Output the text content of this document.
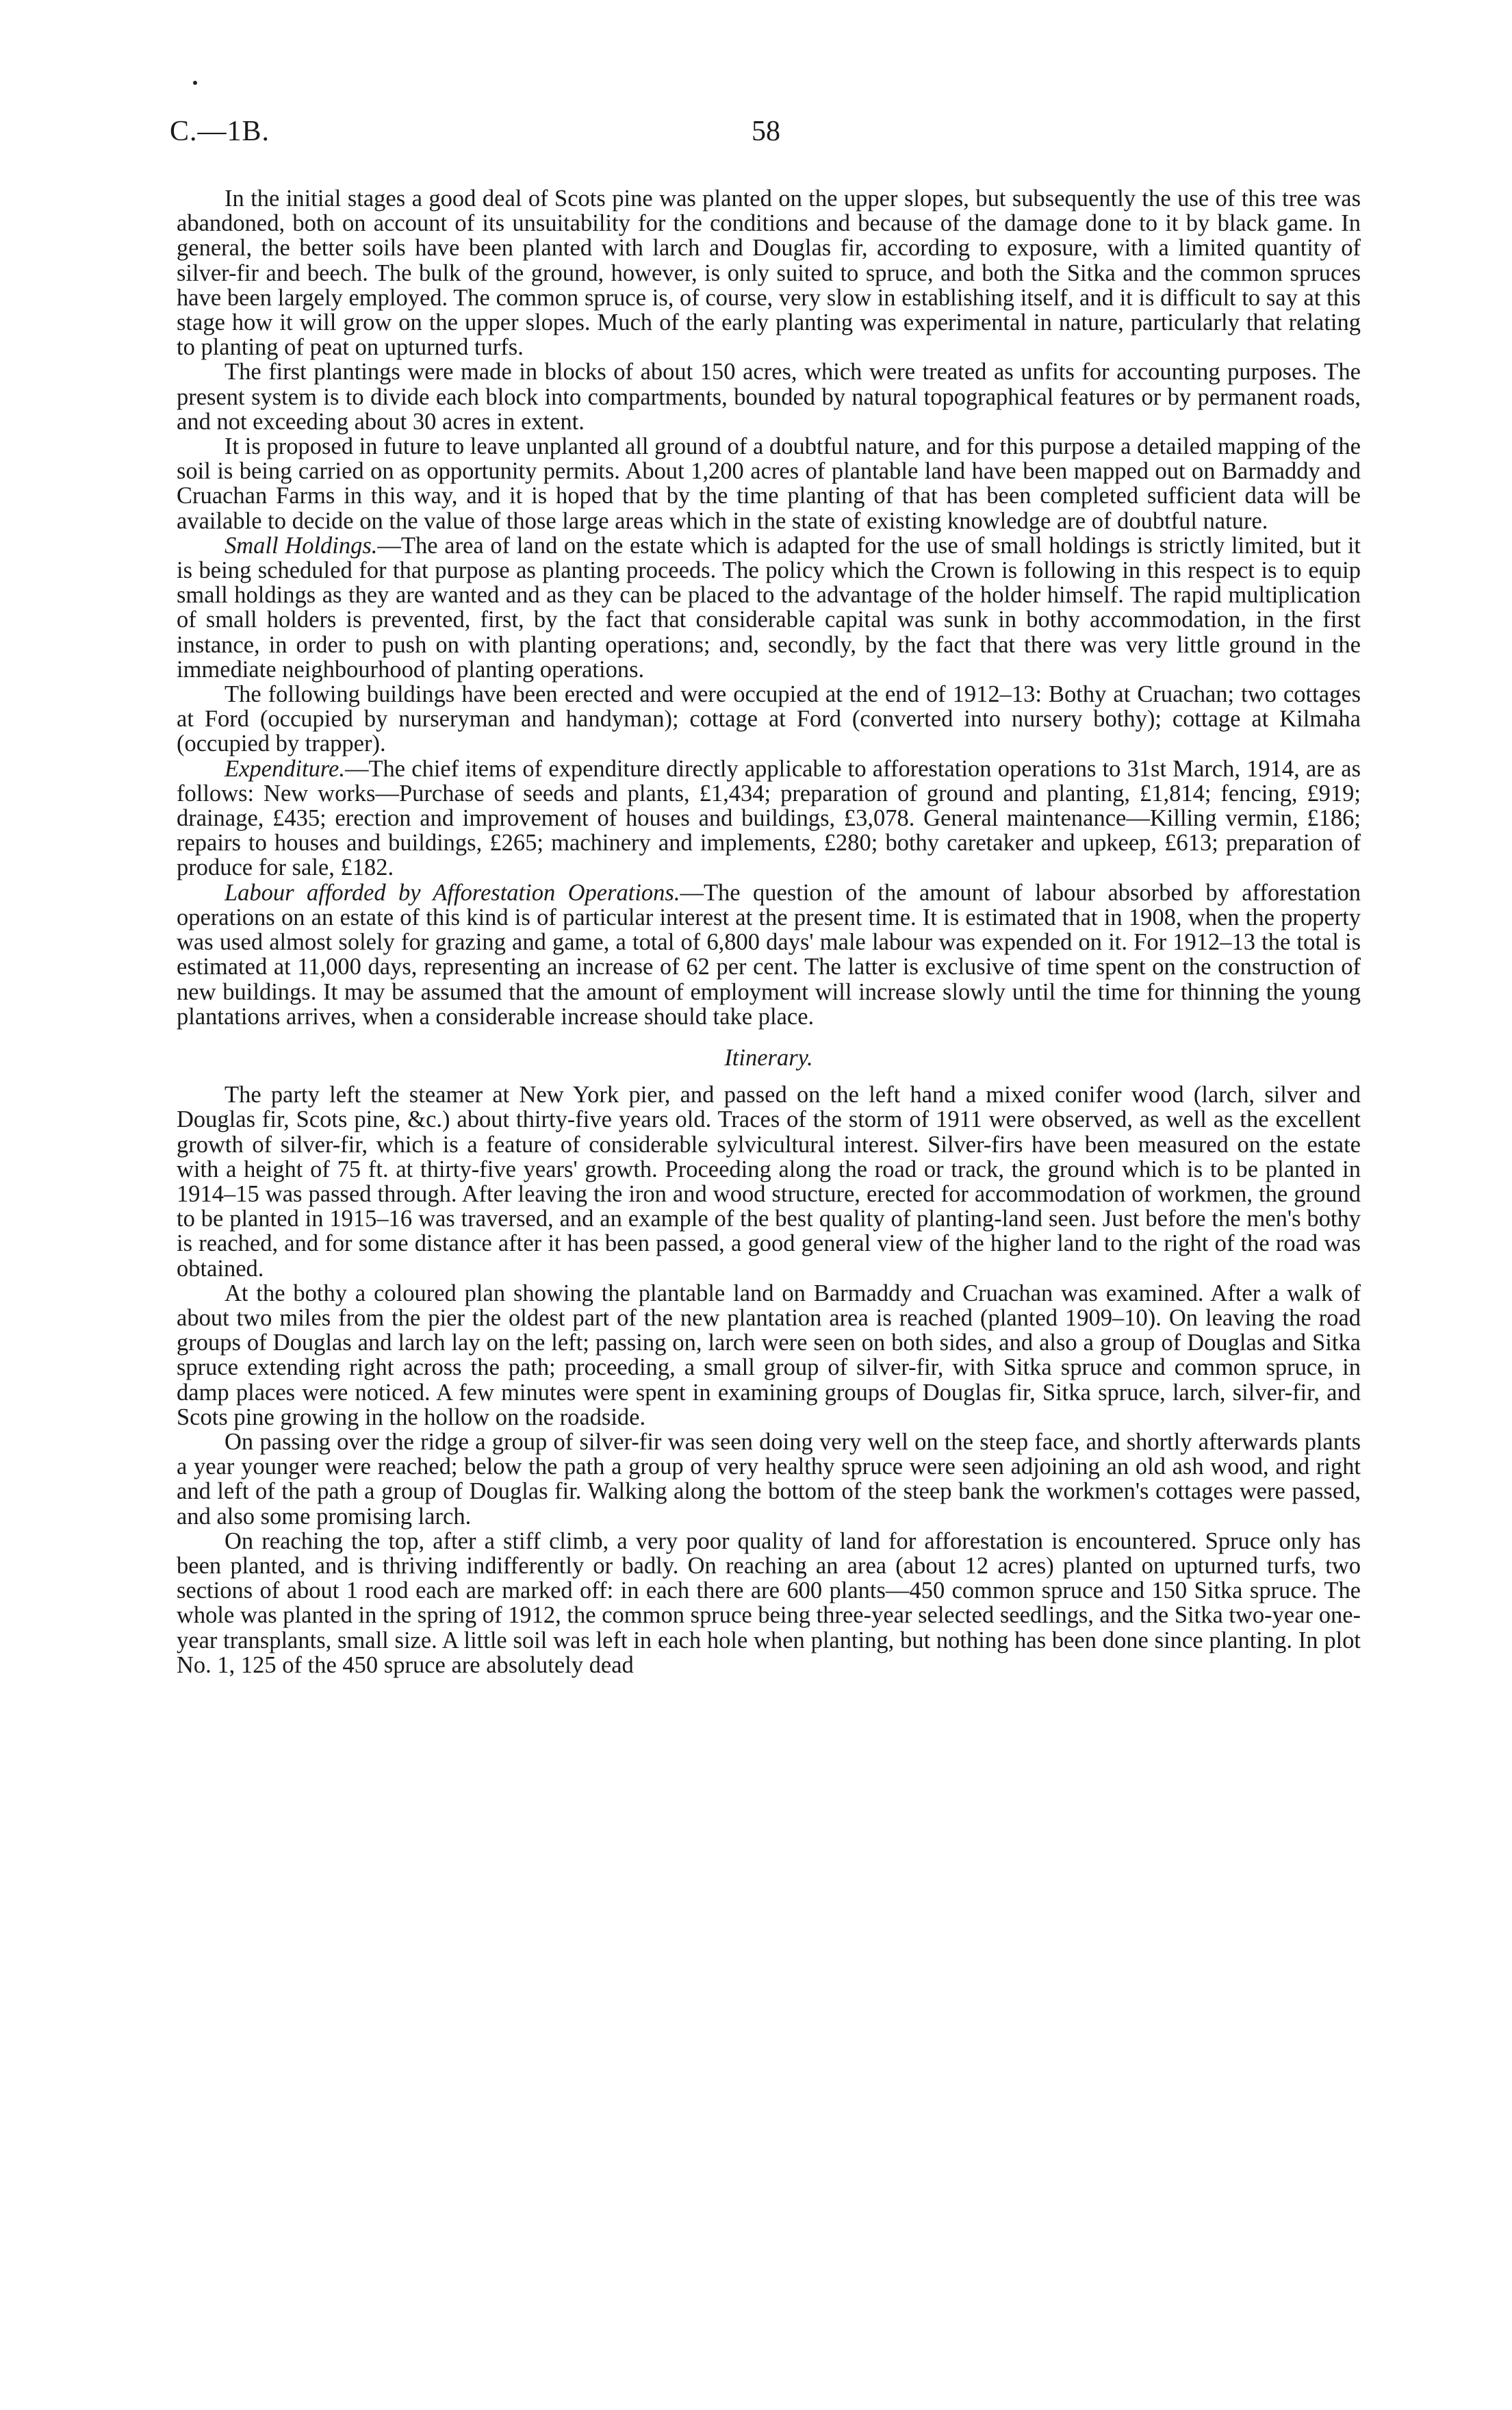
C.—1B.	58

In the initial stages a good deal of Scots pine was planted on the upper slopes, but subsequently the use of this tree was abandoned, both on account of its unsuitability for the conditions and because of the damage done to it by black game. In general, the better soils have been planted with larch and Douglas fir, according to exposure, with a limited quantity of silver-fir and beech. The bulk of the ground, however, is only suited to spruce, and both the Sitka and the common spruces have been largely employed. The common spruce is, of course, very slow in establishing itself, and it is difficult to say at this stage how it will grow on the upper slopes. Much of the early planting was experimental in nature, particularly that relating to planting of peat on upturned turfs.

The first plantings were made in blocks of about 150 acres, which were treated as unfits for accounting purposes. The present system is to divide each block into compartments, bounded by natural topographical features or by permanent roads, and not exceeding about 30 acres in extent.

It is proposed in future to leave unplanted all ground of a doubtful nature, and for this purpose a detailed mapping of the soil is being carried on as opportunity permits. About 1,200 acres of plantable land have been mapped out on Barmaddy and Cruachan Farms in this way, and it is hoped that by the time planting of that has been completed sufficient data will be available to decide on the value of those large areas which in the state of existing knowledge are of doubtful nature.

Small Holdings.—The area of land on the estate which is adapted for the use of small holdings is strictly limited, but it is being scheduled for that purpose as planting proceeds. The policy which the Crown is following in this respect is to equip small holdings as they are wanted and as they can be placed to the advantage of the holder himself. The rapid multiplication of small holders is prevented, first, by the fact that considerable capital was sunk in bothy accommodation, in the first instance, in order to push on with planting operations; and, secondly, by the fact that there was very little ground in the immediate neighbourhood of planting operations.

The following buildings have been erected and were occupied at the end of 1912–13: Bothy at Cruachan; two cottages at Ford (occupied by nurseryman and handyman); cottage at Ford (converted into nursery bothy); cottage at Kilmaha (occupied by trapper).

Expenditure.—The chief items of expenditure directly applicable to afforestation operations to 31st March, 1914, are as follows: New works—Purchase of seeds and plants, £1,434; preparation of ground and planting, £1,814; fencing, £919; drainage, £435; erection and improvement of houses and buildings, £3,078. General maintenance—Killing vermin, £186; repairs to houses and buildings, £265; machinery and implements, £280; bothy caretaker and upkeep, £613; preparation of produce for sale, £182.

Labour afforded by Afforestation Operations.—The question of the amount of labour absorbed by afforestation operations on an estate of this kind is of particular interest at the present time. It is estimated that in 1908, when the property was used almost solely for grazing and game, a total of 6,800 days' male labour was expended on it. For 1912–13 the total is estimated at 11,000 days, representing an increase of 62 per cent. The latter is exclusive of time spent on the construction of new buildings. It may be assumed that the amount of employment will increase slowly until the time for thinning the young plantations arrives, when a considerable increase should take place.

Itinerary.

The party left the steamer at New York pier, and passed on the left hand a mixed conifer wood (larch, silver and Douglas fir, Scots pine, &c.) about thirty-five years old. Traces of the storm of 1911 were observed, as well as the excellent growth of silver-fir, which is a feature of considerable sylvicultural interest. Silver-firs have been measured on the estate with a height of 75 ft. at thirty-five years' growth. Proceeding along the road or track, the ground which is to be planted in 1914–15 was passed through. After leaving the iron and wood structure, erected for accommodation of workmen, the ground to be planted in 1915–16 was traversed, and an example of the best quality of planting-land seen. Just before the men's bothy is reached, and for some distance after it has been passed, a good general view of the higher land to the right of the road was obtained.

At the bothy a coloured plan showing the plantable land on Barmaddy and Cruachan was examined. After a walk of about two miles from the pier the oldest part of the new plantation area is reached (planted 1909–10). On leaving the road groups of Douglas and larch lay on the left; passing on, larch were seen on both sides, and also a group of Douglas and Sitka spruce extending right across the path; proceeding, a small group of silver-fir, with Sitka spruce and common spruce, in damp places were noticed. A few minutes were spent in examining groups of Douglas fir, Sitka spruce, larch, silver-fir, and Scots pine growing in the hollow on the roadside.

On passing over the ridge a group of silver-fir was seen doing very well on the steep face, and shortly afterwards plants a year younger were reached; below the path a group of very healthy spruce were seen adjoining an old ash wood, and right and left of the path a group of Douglas fir. Walking along the bottom of the steep bank the workmen's cottages were passed, and also some promising larch.

On reaching the top, after a stiff climb, a very poor quality of land for afforestation is encountered. Spruce only has been planted, and is thriving indifferently or badly. On reaching an area (about 12 acres) planted on upturned turfs, two sections of about 1 rood each are marked off: in each there are 600 plants—450 common spruce and 150 Sitka spruce. The whole was planted in the spring of 1912, the common spruce being three-year selected seedlings, and the Sitka two-year one-year transplants, small size. A little soil was left in each hole when planting, but nothing has been done since planting. In plot No. 1, 125 of the 450 spruce are absolutely dead
